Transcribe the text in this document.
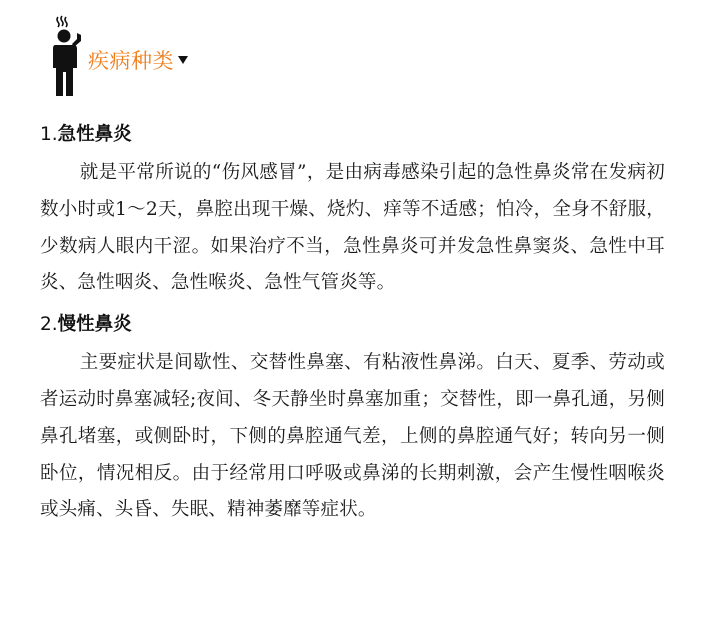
疾病种类
1.急性鼻炎

就是平常所说的“伤风感冒”，是由病毒感染引起的急性鼻炎常在发病初数小时或1～2天，鼻腔出现干燥、烧灼、痒等不适感；怕冷，全身不舒服，少数病人眼内干涩。如果治疗不当，急性鼻炎可并发急性鼻窦炎、急性中耳炎、急性咽炎、急性喉炎、急性气管炎等。

2.慢性鼻炎

主要症状是间歇性、交替性鼻塞、有粘液性鼻涕。白天、夏季、劳动或者运动时鼻塞减轻;夜间、冬天静坐时鼻塞加重；交替性，即一鼻孔通，另侧鼻孔堵塞，或侧卧时，下侧的鼻腔通气差，上侧的鼻腔通气好；转向另一侧卧位，情况相反。由于经常用口呼吸或鼻涕的长期刺激，会产生慢性咽喉炎或头痛、头昏、失眠、精神萎靡等症状。
